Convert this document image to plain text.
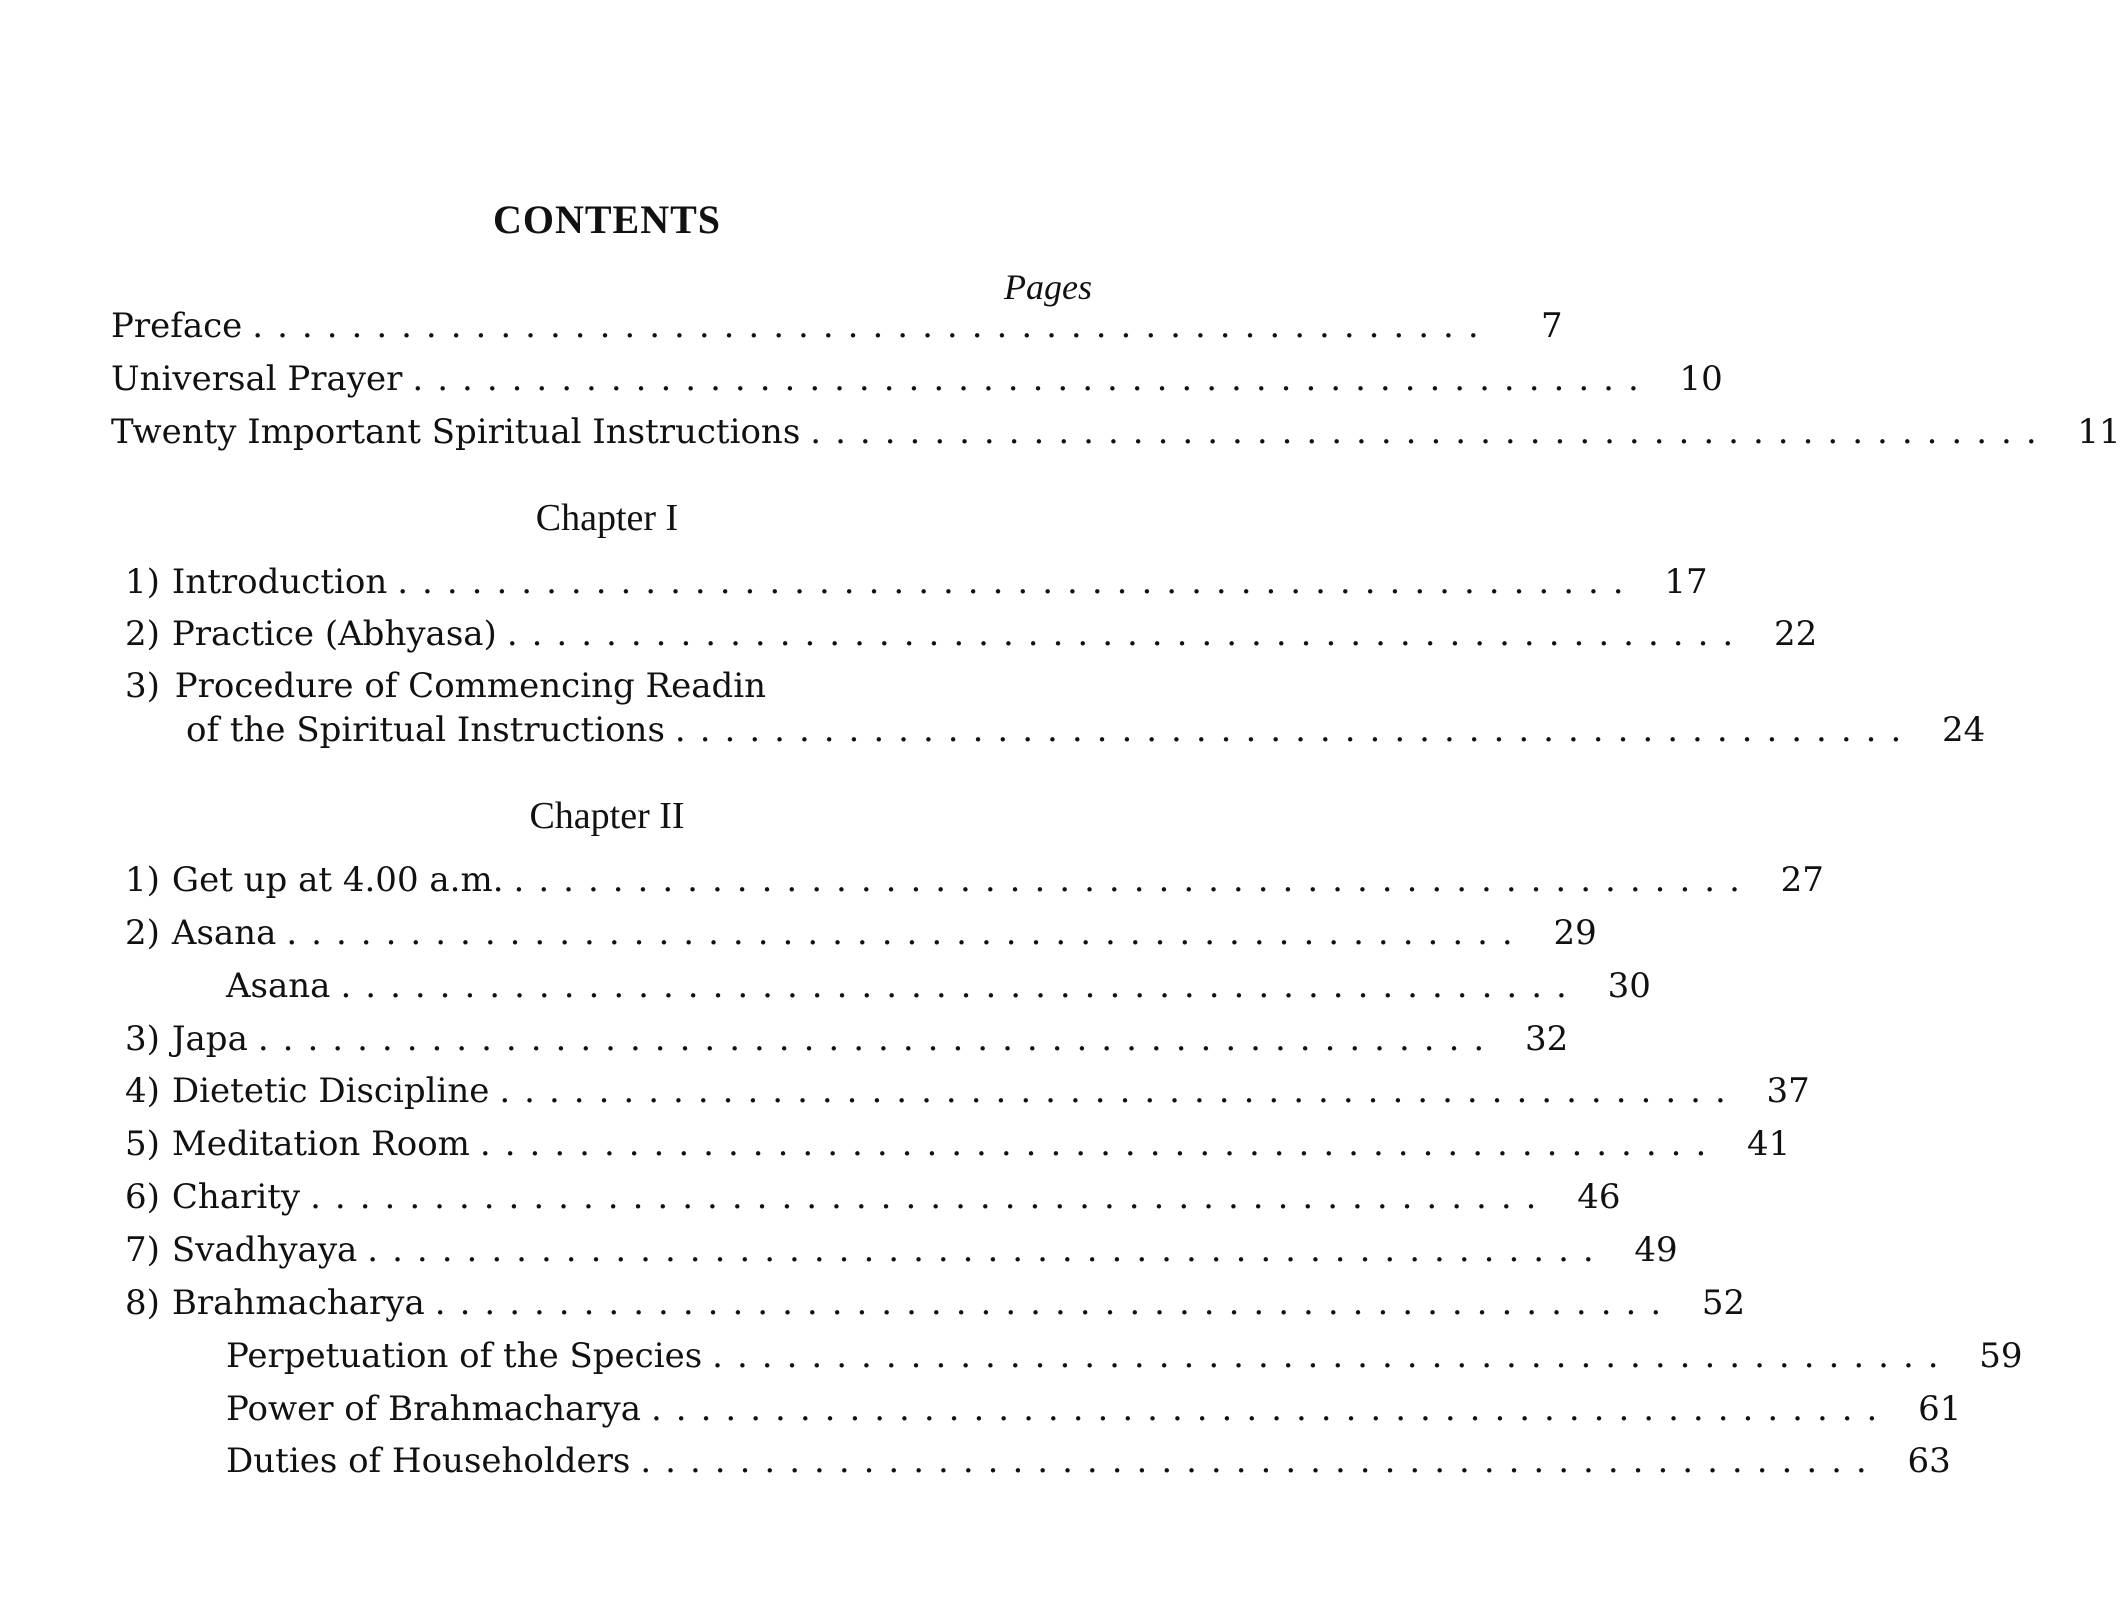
CONTENTS
Pages
Preface ..................................................	7
Universal Prayer .................................................. 10
Twenty Important Spiritual Instructions .................................................. 11
Chapter I
1) Introduction .................................................. 17
2) Practice (Abhyasa) .................................................. 22
3) Procedure of Commencing Readin
of the Spiritual Instructions .................................................. 24
Chapter II
1) Get up at 4.00 a.m. .................................................. 27
2) Asana .................................................. 29
Asana .................................................. 30
3) Japa .................................................. 32
4) Dietetic Discipline .................................................. 37
5) Meditation Room .................................................. 41
6) Charity .................................................. 46
7) Svadhyaya .................................................. 49
8) Brahmacharya .................................................. 52
Perpetuation of the Species .................................................. 59
Power of Brahmacharya .................................................. 61
Duties of Householders .................................................. 63
